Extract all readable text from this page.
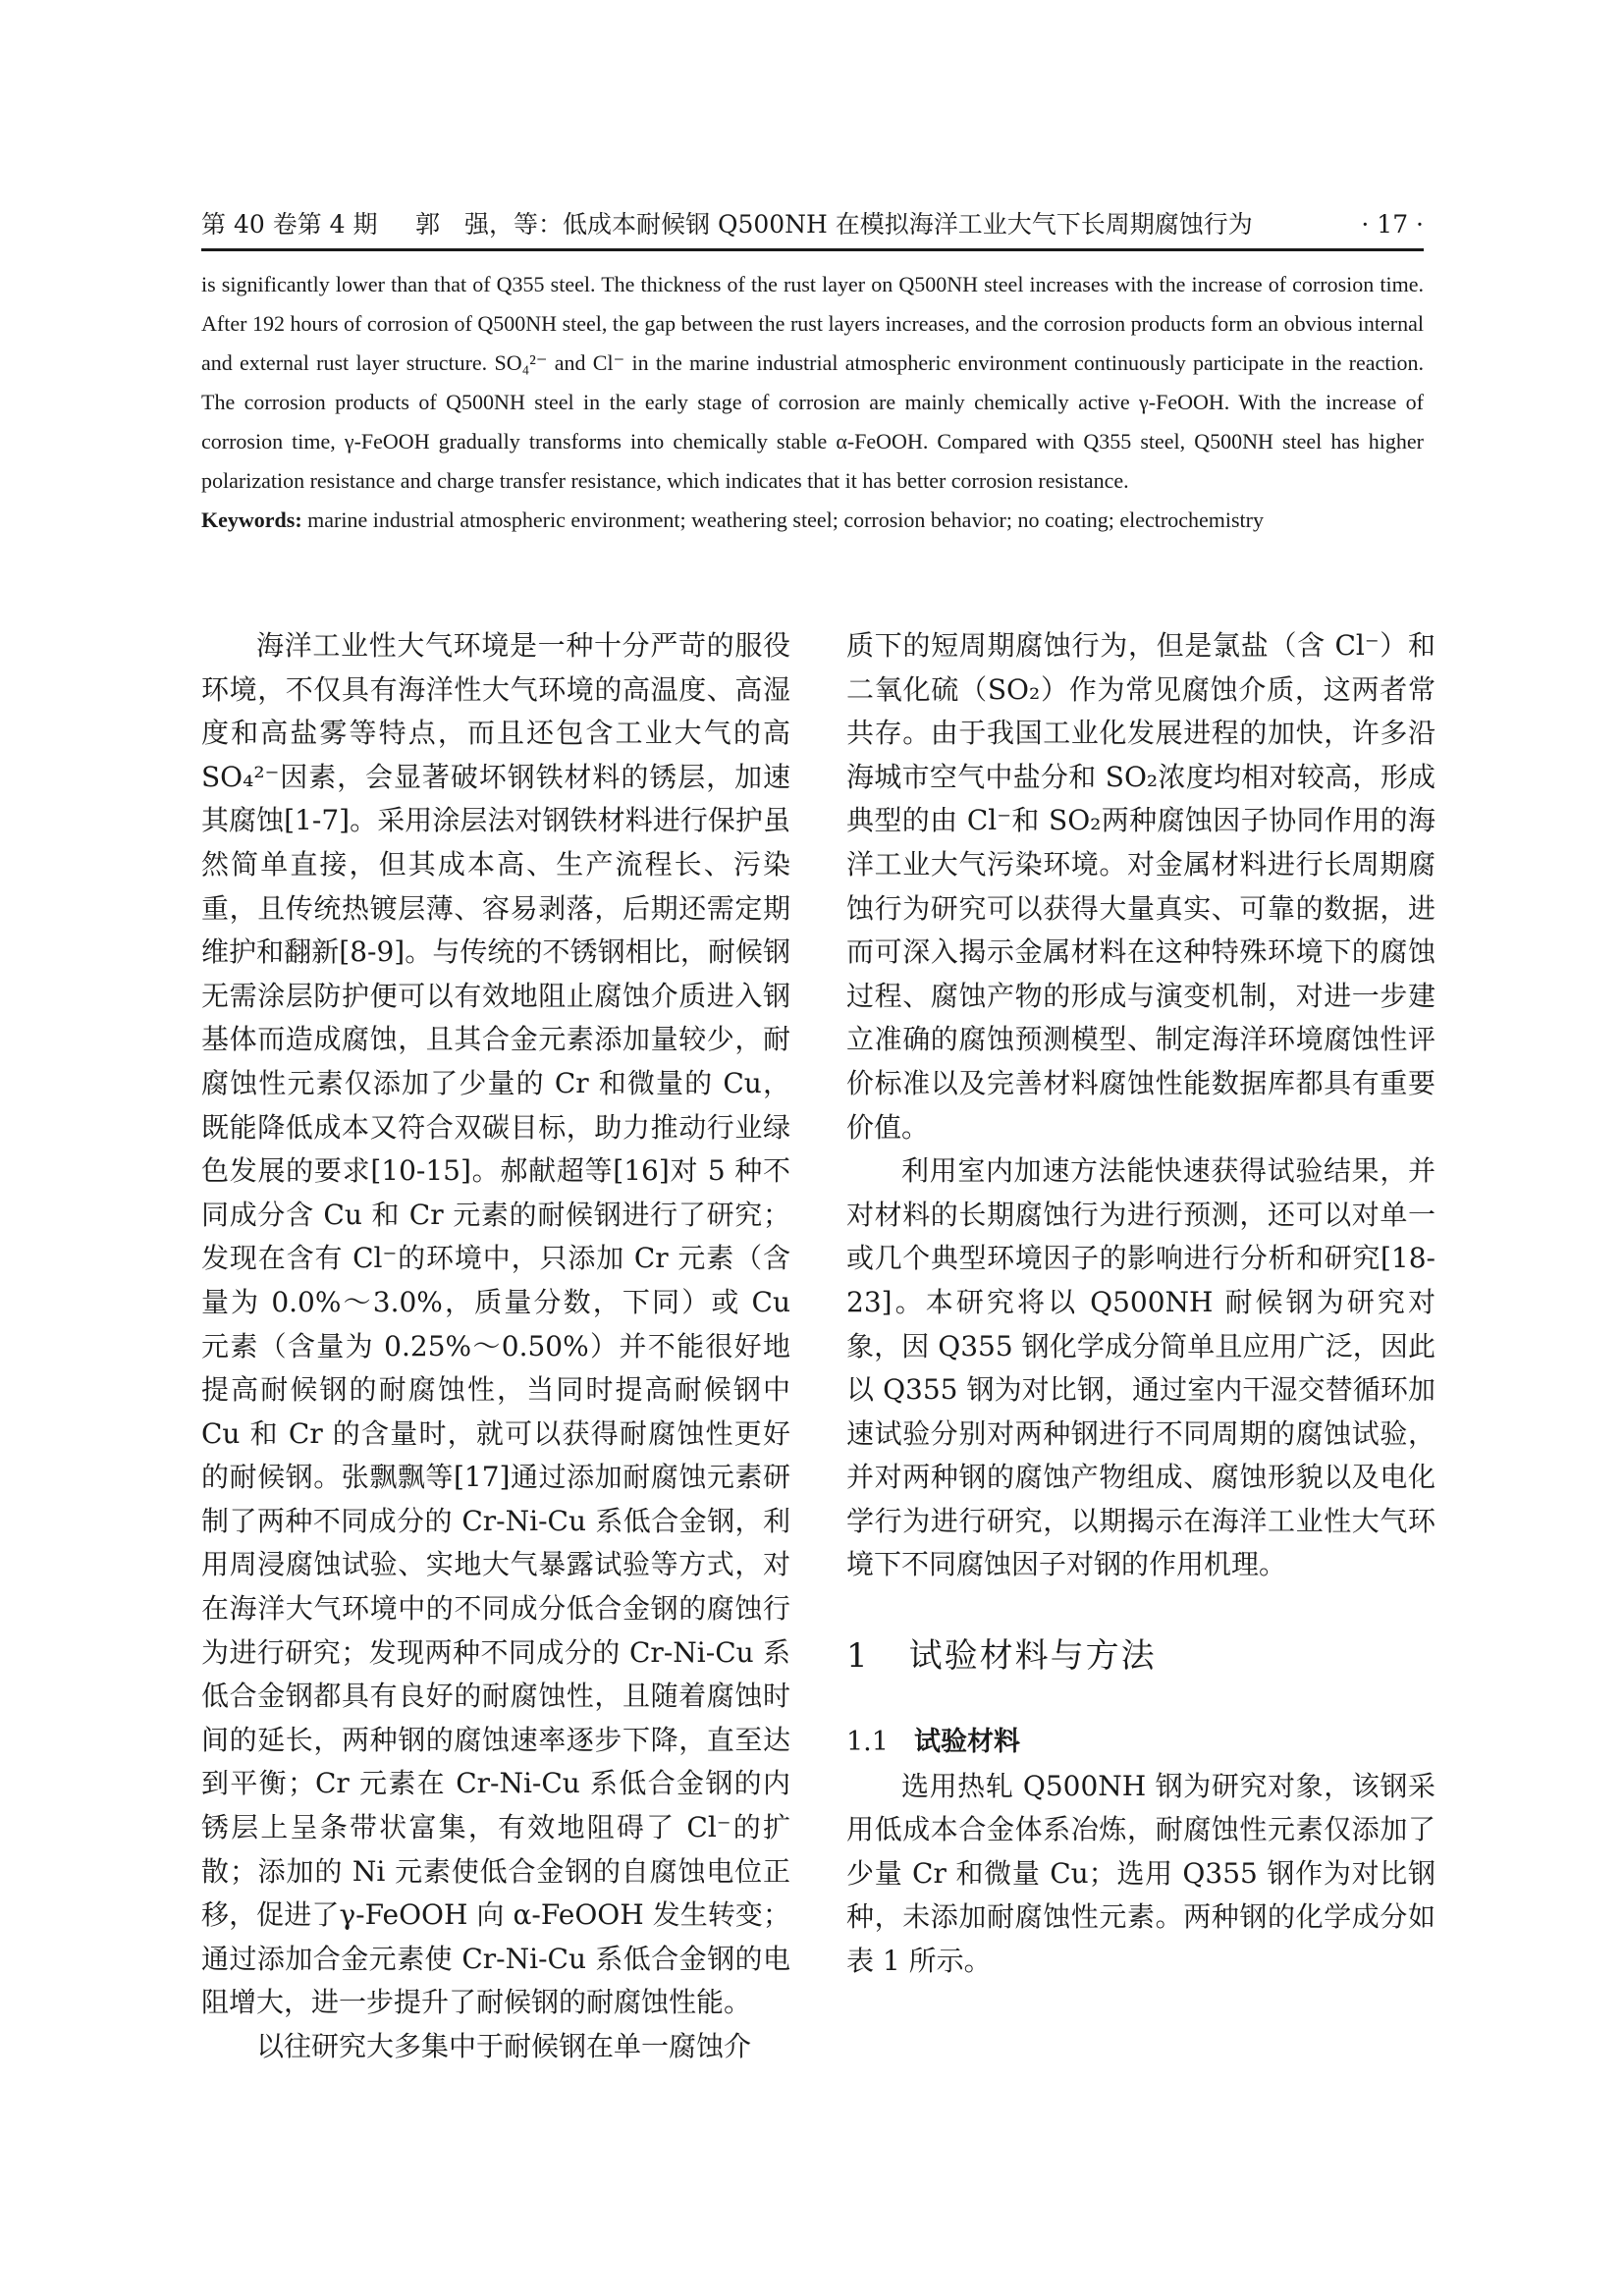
第 40 卷第 4 期 郭　强，等：低成本耐候钢 Q500NH 在模拟海洋工业大气下长周期腐蚀行为	· 17 ·

is significantly lower than that of Q355 steel. The thickness of the rust layer on Q500NH steel increases with the increase of corrosion time. After 192 hours of corrosion of Q500NH steel, the gap between the rust layers increases, and the corrosion products form an obvious internal and external rust layer structure. SO₄²⁻ and Cl⁻ in the marine industrial atmospheric environment continuously participate in the reaction. The corrosion products of Q500NH steel in the early stage of corrosion are mainly chemically active γ-FeOOH. With the increase of corrosion time, γ-FeOOH gradually transforms into chemically stable α-FeOOH. Compared with Q355 steel, Q500NH steel has higher polarization resistance and charge transfer resistance, which indicates that it has better corrosion resistance.

Keywords: marine industrial atmospheric environment; weathering steel; corrosion behavior; no coating; electrochemistry

海洋工业性大气环境是一种十分严苛的服役环境，不仅具有海洋性大气环境的高温度、高湿度和高盐雾等特点，而且还包含工业大气的高 SO₄²⁻因素，会显著破坏钢铁材料的锈层，加速其腐蚀[1-7]。采用涂层法对钢铁材料进行保护虽然简单直接，但其成本高、生产流程长、污染重，且传统热镀层薄、容易剥落，后期还需定期维护和翻新[8-9]。与传统的不锈钢相比，耐候钢无需涂层防护便可以有效地阻止腐蚀介质进入钢基体而造成腐蚀，且其合金元素添加量较少，耐腐蚀性元素仅添加了少量的 Cr 和微量的 Cu，既能降低成本又符合双碳目标，助力推动行业绿色发展的要求[10-15]。郝献超等[16]对 5 种不同成分含 Cu 和 Cr 元素的耐候钢进行了研究；发现在含有 Cl⁻的环境中，只添加 Cr 元素（含量为 0.0%～3.0%，质量分数，下同）或 Cu 元素（含量为 0.25%～0.50%）并不能很好地提高耐候钢的耐腐蚀性，当同时提高耐候钢中 Cu 和 Cr 的含量时，就可以获得耐腐蚀性更好的耐候钢。张飘飘等[17]通过添加耐腐蚀元素研制了两种不同成分的 Cr-Ni-Cu 系低合金钢，利用周浸腐蚀试验、实地大气暴露试验等方式，对在海洋大气环境中的不同成分低合金钢的腐蚀行为进行研究；发现两种不同成分的 Cr-Ni-Cu 系低合金钢都具有良好的耐腐蚀性，且随着腐蚀时间的延长，两种钢的腐蚀速率逐步下降，直至达到平衡；Cr 元素在 Cr-Ni-Cu 系低合金钢的内锈层上呈条带状富集，有效地阻碍了 Cl⁻的扩散；添加的 Ni 元素使低合金钢的自腐蚀电位正移，促进了γ-FeOOH 向 α-FeOOH 发生转变；通过添加合金元素使 Cr-Ni-Cu 系低合金钢的电阻增大，进一步提升了耐候钢的耐腐蚀性能。

以往研究大多集中于耐候钢在单一腐蚀介

质下的短周期腐蚀行为，但是氯盐（含 Cl⁻）和二氧化硫（SO₂）作为常见腐蚀介质，这两者常共存。由于我国工业化发展进程的加快，许多沿海城市空气中盐分和 SO₂浓度均相对较高，形成典型的由 Cl⁻和 SO₂两种腐蚀因子协同作用的海洋工业大气污染环境。对金属材料进行长周期腐蚀行为研究可以获得大量真实、可靠的数据，进而可深入揭示金属材料在这种特殊环境下的腐蚀过程、腐蚀产物的形成与演变机制，对进一步建立准确的腐蚀预测模型、制定海洋环境腐蚀性评价标准以及完善材料腐蚀性能数据库都具有重要价值。

利用室内加速方法能快速获得试验结果，并对材料的长期腐蚀行为进行预测，还可以对单一或几个典型环境因子的影响进行分析和研究[18-23]。本研究将以 Q500NH 耐候钢为研究对象，因 Q355 钢化学成分简单且应用广泛，因此以 Q355 钢为对比钢，通过室内干湿交替循环加速试验分别对两种钢进行不同周期的腐蚀试验，并对两种钢的腐蚀产物组成、腐蚀形貌以及电化学行为进行研究，以期揭示在海洋工业性大气环境下不同腐蚀因子对钢的作用机理。

1 试验材料与方法
1.1 试验材料

选用热轧 Q500NH 钢为研究对象，该钢采用低成本合金体系冶炼，耐腐蚀性元素仅添加了少量 Cr 和微量 Cu；选用 Q355 钢作为对比钢种，未添加耐腐蚀性元素。两种钢的化学成分如表 1 所示。
